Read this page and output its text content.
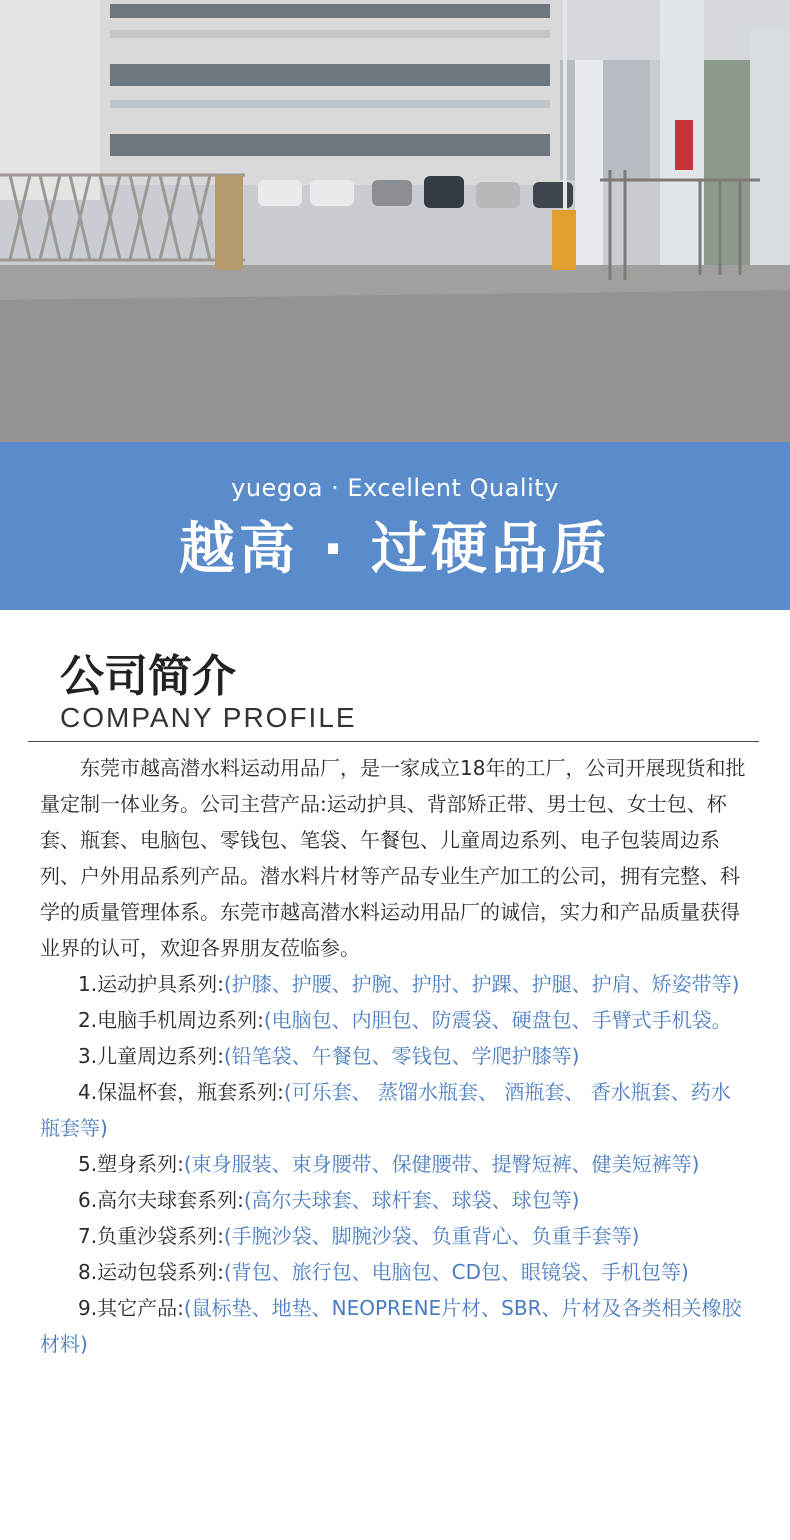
yuegoa · Excellent Quality
越高 · 过硬品质
公司简介
COMPANY PROFILE

东莞市越高潜水料运动用品厂，是一家成立18年的工厂，公司开展现货和批量定制一体业务。公司主营产品:运动护具、背部矫正带、男士包、女士包、杯套、瓶套、电脑包、零钱包、笔袋、午餐包、儿童周边系列、电子包装周边系列、户外用品系列产品。潜水料片材等产品专业生产加工的公司，拥有完整、科学的质量管理体系。东莞市越高潜水料运动用品厂的诚信，实力和产品质量获得业界的认可，欢迎各界朋友莅临参。

1.运动护具系列:(护膝、护腰、护腕、护肘、护踝、护腿、护肩、矫姿带等)

2.电脑手机周边系列:(电脑包、内胆包、防震袋、硬盘包、手臂式手机袋。

3.儿童周边系列:(铅笔袋、午餐包、零钱包、学爬护膝等)

4.保温杯套，瓶套系列:(可乐套、 蒸馏水瓶套、 酒瓶套、 香水瓶套、药水瓶套等)

5.塑身系列:(束身服装、束身腰带、保健腰带、提臀短裤、健美短裤等)

6.高尔夫球套系列:(高尔夫球套、球杆套、球袋、球包等)

7.负重沙袋系列:(手腕沙袋、脚腕沙袋、负重背心、负重手套等)

8.运动包袋系列:(背包、旅行包、电脑包、CD包、眼镜袋、手机包等)

9.其它产品:(鼠标垫、地垫、NEOPRENE片材、SBR、片材及各类相关橡胶材料)
